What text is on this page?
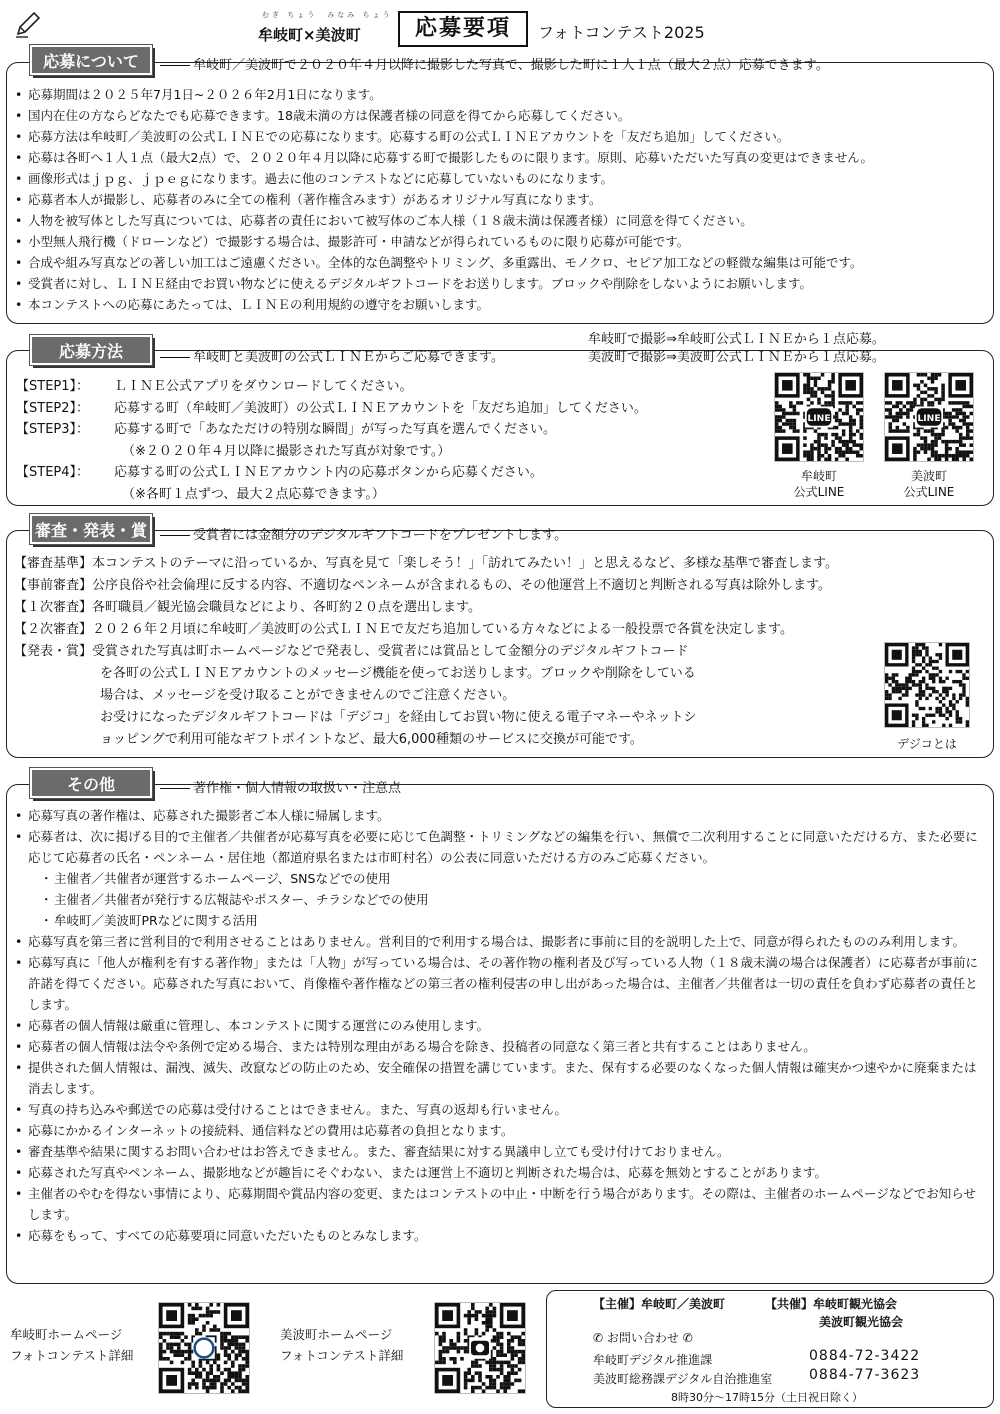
むぎ ちょう　みなみ ちょう
牟岐町×美波町	応募要項	フォトコンテスト2025
応募について	牟岐町／美波町で２０２０年４月以降に撮影した写真で、撮影した町に１人１点（最大２点）応募できます。
• 応募期間は２０２５年7月1日~２０２６年2月1日になります。
• 国内在住の方ならどなたでも応募できます。18歳未満の方は保護者様の同意を得てから応募してください。
• 応募方法は牟岐町／美波町の公式ＬＩＮＥでの応募になります。応募する町の公式ＬＩＮＥアカウントを「友だち追加」してください。
• 応募は各町へ１人１点（最大2点）で、２０２０年４月以降に応募する町で撮影したものに限ります。原則、応募いただいた写真の変更はできません。
• 画像形式はｊｐｇ、ｊｐｅｇになります。過去に他のコンテストなどに応募していないものになります。
• 応募者本人が撮影し、応募者のみに全ての権利（著作権含みます）があるオリジナル写真になります。
• 人物を被写体とした写真については、応募者の責任において被写体のご本人様（１８歳未満は保護者様）に同意を得てください。
• 小型無人飛行機（ドローンなど）で撮影する場合は、撮影許可・申請などが得られているものに限り応募が可能です。
• 合成や組み写真などの著しい加工はご遠慮ください。全体的な色調整やトリミング、多重露出、モノクロ、セピア加工などの軽微な編集は可能です。
• 受賞者に対し、ＬＩＮＥ経由でお買い物などに使えるデジタルギフトコードをお送りします。ブロックや削除をしないようにお願いします。
• 本コンテストへの応募にあたっては、ＬＩＮＥの利用規約の遵守をお願いします。
応募方法	牟岐町と美波町の公式ＬＩＮＥからご応募できます。
牟岐町で撮影⇒牟岐町公式ＬＩＮＥから１点応募。
美波町で撮影⇒美波町公式ＬＩＮＥから１点応募。
【STEP1】： ＬＩＮＥ公式アプリをダウンロードしてください。
【STEP2】： 応募する町（牟岐町／美波町）の公式ＬＩＮＥアカウントを「友だち追加」してください。
【STEP3】： 応募する町で「あなただけの特別な瞬間」が写った写真を選んでください。
（※２０２０年４月以降に撮影された写真が対象です。）
【STEP4】： 応募する町の公式ＬＩＮＥアカウント内の応募ボタンから応募ください。
（※各町１点ずつ、最大２点応募できます。）
LINE
牟岐町
公式LINE
LINE
美波町
公式LINE
審査・発表・賞	受賞者には金額分のデジタルギフトコードをプレゼントします。
【審査基準】本コンテストのテーマに沿っているか、写真を見て「楽しそう！」「訪れてみたい！」と思えるなど、多様な基準で審査します。
【事前審査】公序良俗や社会倫理に反する内容、不適切なペンネームが含まれるもの、その他運営上不適切と判断される写真は除外します。
【１次審査】各町職員／観光協会職員などにより、各町約２０点を選出します。
【２次審査】２０２６年２月頃に牟岐町／美波町の公式ＬＩＮＥで友だち追加している方々などによる一般投票で各賞を決定します。
【発表・賞】受賞された写真は町ホームページなどで発表し、受賞者には賞品として金額分のデジタルギフトコード
を各町の公式ＬＩＮＥアカウントのメッセージ機能を使ってお送りします。ブロックや削除をしている
場合は、メッセージを受け取ることができませんのでご注意ください。
お受けになったデジタルギフトコードは「デジコ」を経由してお買い物に使える電子マネーやネットシ
ョッピングで利用可能なギフトポイントなど、最大6,000種類のサービスに交換が可能です。	デジコとは
その他	著作権・個人情報の取扱い・注意点
• 応募写真の著作権は、応募された撮影者ご本人様に帰属します。
• 応募者は、次に掲げる目的で主催者／共催者が応募写真を必要に応じて色調整・トリミングなどの編集を行い、無償で二次利用することに同意いただける方、また必要に応じて応募者の氏名・ペンネーム・居住地（都道府県名または市町村名）の公表に同意いただける方のみご応募ください。
・ 主催者／共催者が運営するホームページ、SNSなどでの使用
・ 主催者／共催者が発行する広報誌やポスター、チラシなどでの使用
・ 牟岐町／美波町PRなどに関する活用
• 応募写真を第三者に営利目的で利用させることはありません。営利目的で利用する場合は、撮影者に事前に目的を説明した上で、同意が得られたもののみ利用します。
• 応募写真に「他人が権利を有する著作物」または「人物」が写っている場合は、その著作物の権利者及び写っている人物（１８歳未満の場合は保護者）に応募者が事前に許諾を得てください。応募された写真において、肖像権や著作権などの第三者の権利侵害の申し出があった場合は、主催者／共催者は一切の責任を負わず応募者の責任とします。
• 応募者の個人情報は厳重に管理し、本コンテストに関する運営にのみ使用します。
• 応募者の個人情報は法令や条例で定める場合、または特別な理由がある場合を除き、投稿者の同意なく第三者と共有することはありません。
• 提供された個人情報は、漏洩、滅失、改竄などの防止のため、安全確保の措置を講じています。また、保有する必要のなくなった個人情報は確実かつ速やかに廃棄または消去します。
• 写真の持ち込みや郵送での応募は受付けることはできません。また、写真の返却も行いません。
• 応募にかかるインターネットの接続料、通信料などの費用は応募者の負担となります。
• 審査基準や結果に関するお問い合わせはお答えできません。また、審査結果に対する異議申し立ても受け付けておりません。
• 応募された写真やペンネーム、撮影地などが趣旨にそぐわない、または運営上不適切と判断された場合は、応募を無効とすることがあります。
• 主催者のやむを得ない事情により、応募期間や賞品内容の変更、またはコンテストの中止・中断を行う場合があります。その際は、主催者のホームページなどでお知らせします。
• 応募をもって、すべての応募要項に同意いただいたものとみなします。
牟岐町ホームページ
フォトコンテスト詳細
美波町ホームページ
フォトコンテスト詳細
【主催】牟岐町／美波町	【共催】牟岐町観光協会
美波町観光協会
✆ お問い合わせ ✆
牟岐町デジタル推進課	0884-72-3422
美波町総務課デジタル自治推進室	0884-77-3623
8時30分～17時15分（土日祝日除く）
